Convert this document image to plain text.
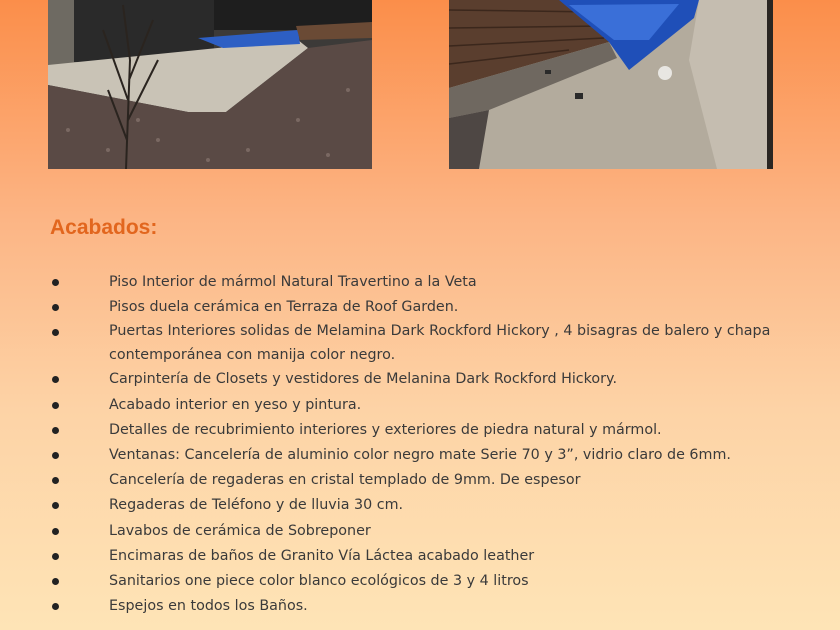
Acabados:
Piso Interior de mármol Natural Travertino a la Veta
Pisos duela cerámica en Terraza de Roof Garden.
Puertas Interiores solidas de Melamina Dark Rockford Hickory , 4 bisagras de balero y chapa contemporánea con manija color negro.
Carpintería de Closets y vestidores de Melanina Dark Rockford Hickory.
Acabado interior en yeso y pintura.
Detalles de recubrimiento interiores y exteriores de piedra natural y mármol.
Ventanas: Cancelería de aluminio color negro mate Serie 70 y 3”, vidrio claro de 6mm.
Cancelería de regaderas en cristal templado de 9mm. De espesor
Regaderas de Teléfono y de lluvia 30 cm.
Lavabos de cerámica de Sobreponer
Encimaras de baños de Granito Vía Láctea acabado leather
Sanitarios one piece color blanco ecológicos de 3 y 4 litros
Espejos en todos los Baños.
